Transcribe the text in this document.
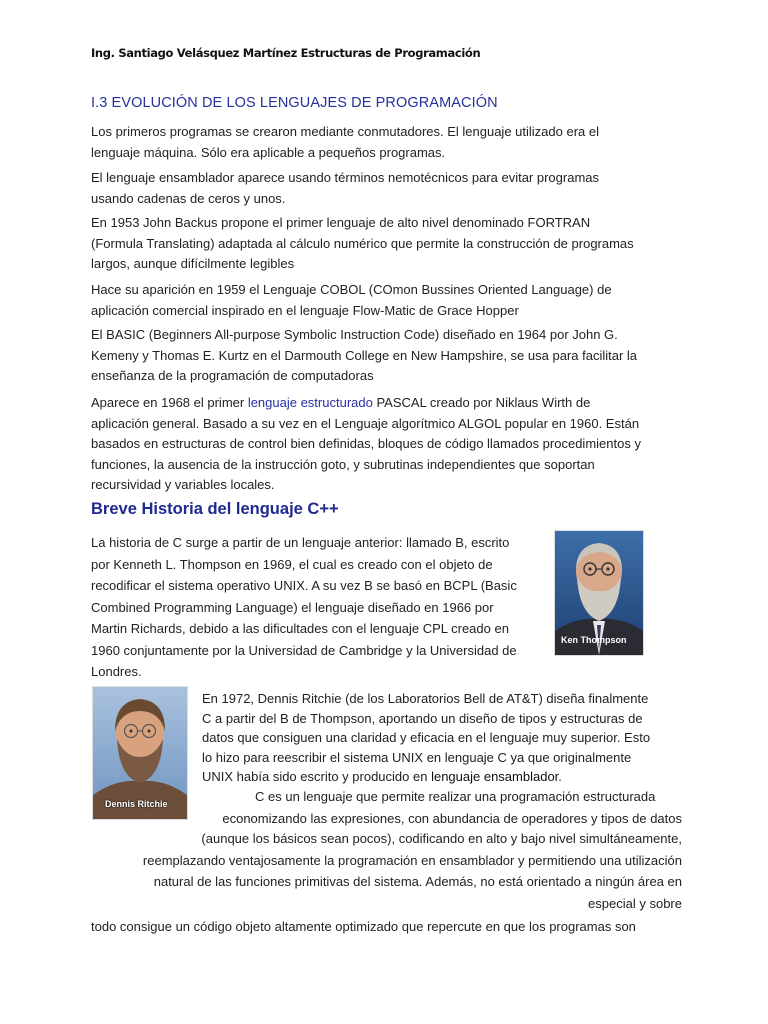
Ing. Santiago Velásquez Martínez Estructuras de Programación
I.3 EVOLUCIÓN DE LOS LENGUAJES DE PROGRAMACIÓN
Los primeros programas se crearon mediante conmutadores. El lenguaje utilizado era el
lenguaje máquina. Sólo era aplicable a pequeños programas.
El lenguaje ensamblador aparece usando términos nemotécnicos para evitar programas
usando cadenas de ceros y unos.
En 1953 John Backus propone el primer lenguaje de alto nivel denominado FORTRAN
(Formula Translating) adaptada al cálculo numérico que permite la construcción de programas
largos, aunque difícilmente legibles
Hace su aparición en 1959 el Lenguaje COBOL (COmon Bussines Oriented Language) de
aplicación comercial inspirado en el lenguaje Flow-Matic de Grace Hopper
El BASIC (Beginners All-purpose Symbolic Instruction Code) diseñado en 1964 por John G.
Kemeny y Thomas E. Kurtz en el Darmouth College en New Hampshire, se usa para facilitar la
enseñanza de la programación de computadoras
Aparece en 1968 el primer lenguaje estructurado PASCAL creado por Niklaus Wirth de
aplicación general. Basado a su vez en el Lenguaje algorítmico ALGOL popular en 1960. Están
basados en estructuras de control bien definidas, bloques de código llamados procedimientos y
funciones, la ausencia de la instrucción goto, y subrutinas independientes que soportan
recursividad y variables locales.
Breve Historia del lenguaje C++
La historia de C surge a partir de un lenguaje anterior: llamado B, escrito
por Kenneth L. Thompson en 1969, el cual es creado con el objeto de
recodificar el sistema operativo UNIX. A su vez B se basó en BCPL (Basic
Combined Programming Language) el lenguaje diseñado en 1966 por
Martin Richards, debido a las dificultades con el lenguaje CPL creado en
1960 conjuntamente por la Universidad de Cambridge y la Universidad de
Londres.
Ken Thompson
Dennis Ritchie
En 1972, Dennis Ritchie (de los Laboratorios Bell de AT&T) diseña finalmente
C a partir del B de Thompson, aportando un diseño de tipos y estructuras de
datos que consiguen una claridad y eficacia en el lenguaje muy superior. Esto
lo hizo para reescribir el sistema UNIX en lenguaje C ya que originalmente
UNIX había sido escrito y producido en lenguaje ensamblador.
C es un lenguaje que permite realizar una programación estructurada
economizando las expresiones, con abundancia de operadores y tipos de datos
(aunque los básicos sean pocos), codificando en alto y bajo nivel simultáneamente,
reemplazando ventajosamente la programación en ensamblador y permitiendo una utilización
natural de las funciones primitivas del sistema. Además, no está orientado a ningún área en
especial y sobre
todo consigue un código objeto altamente optimizado que repercute en que los programas son
